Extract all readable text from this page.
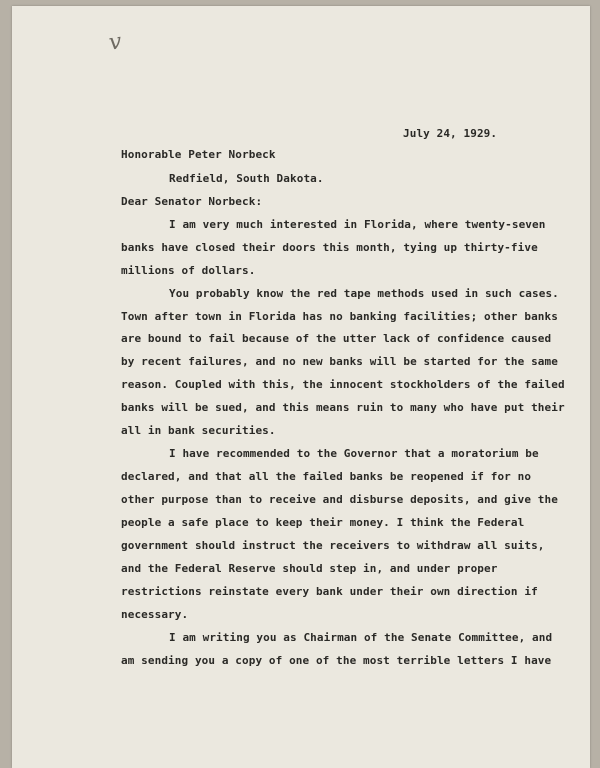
v
July 24, 1929.
Honorable Peter Norbeck
Redfield, South Dakota.
Dear Senator Norbeck:
I am very much interested in Florida, where twenty-seven
banks have closed their doors this month, tying up thirty-five
millions of dollars.
You probably know the red tape methods used in such cases.
Town after town in Florida has no banking facilities; other banks
are bound to fail because of the utter lack of confidence caused
by recent failures, and no new banks will be started for the same
reason. Coupled with this, the innocent stockholders of the failed
banks will be sued, and this means ruin to many who have put their
all in bank securities.
I have recommended to the Governor that a moratorium be
declared, and that all the failed banks be reopened if for no
other purpose than to receive and disburse deposits, and give the
people a safe place to keep their money. I think the Federal
government should instruct the receivers to withdraw all suits,
and the Federal Reserve should step in, and under proper
restrictions reinstate every bank under their own direction if
necessary.
I am writing you as Chairman of the Senate Committee, and
am sending you a copy of one of the most terrible letters I have
